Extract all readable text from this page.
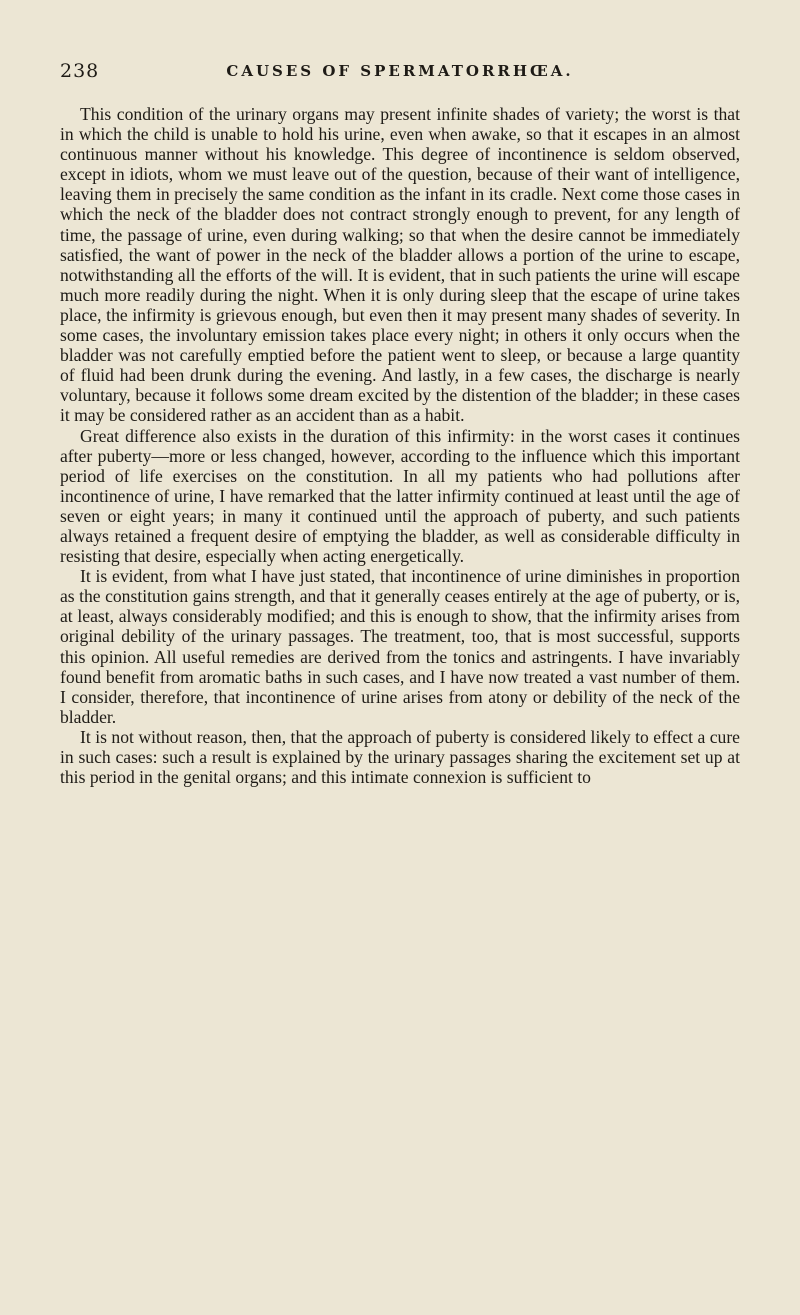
238	CAUSES OF SPERMATORRHŒA.

This condition of the urinary organs may present infinite shades of variety; the worst is that in which the child is unable to hold his urine, even when awake, so that it escapes in an almost continuous manner without his knowledge. This degree of incontinence is seldom observed, except in idiots, whom we must leave out of the question, because of their want of intelligence, leaving them in precisely the same condition as the infant in its cradle. Next come those cases in which the neck of the bladder does not contract strongly enough to prevent, for any length of time, the passage of urine, even during walking; so that when the desire cannot be immediately satisfied, the want of power in the neck of the bladder allows a portion of the urine to escape, notwithstanding all the efforts of the will. It is evident, that in such patients the urine will escape much more readily during the night. When it is only during sleep that the escape of urine takes place, the infirmity is grievous enough, but even then it may present many shades of severity. In some cases, the involuntary emission takes place every night; in others it only occurs when the bladder was not carefully emptied before the patient went to sleep, or because a large quantity of fluid had been drunk during the evening. And lastly, in a few cases, the discharge is nearly voluntary, because it follows some dream excited by the distention of the bladder; in these cases it may be considered rather as an accident than as a habit.

Great difference also exists in the duration of this infirmity: in the worst cases it continues after puberty—more or less changed, however, according to the influence which this important period of life exercises on the constitution. In all my patients who had pollutions after incontinence of urine, I have remarked that the latter infirmity continued at least until the age of seven or eight years; in many it continued until the approach of puberty, and such patients always retained a frequent desire of emptying the bladder, as well as considerable difficulty in resisting that desire, especially when acting energetically.

It is evident, from what I have just stated, that incontinence of urine diminishes in proportion as the constitution gains strength, and that it generally ceases entirely at the age of puberty, or is, at least, always considerably modified; and this is enough to show, that the infirmity arises from original debility of the urinary passages. The treatment, too, that is most successful, supports this opinion. All useful remedies are derived from the tonics and astringents. I have invariably found benefit from aromatic baths in such cases, and I have now treated a vast number of them. I consider, therefore, that incontinence of urine arises from atony or debility of the neck of the bladder.

It is not without reason, then, that the approach of puberty is considered likely to effect a cure in such cases: such a result is explained by the urinary passages sharing the excitement set up at this period in the genital organs; and this intimate connexion is sufficient to
